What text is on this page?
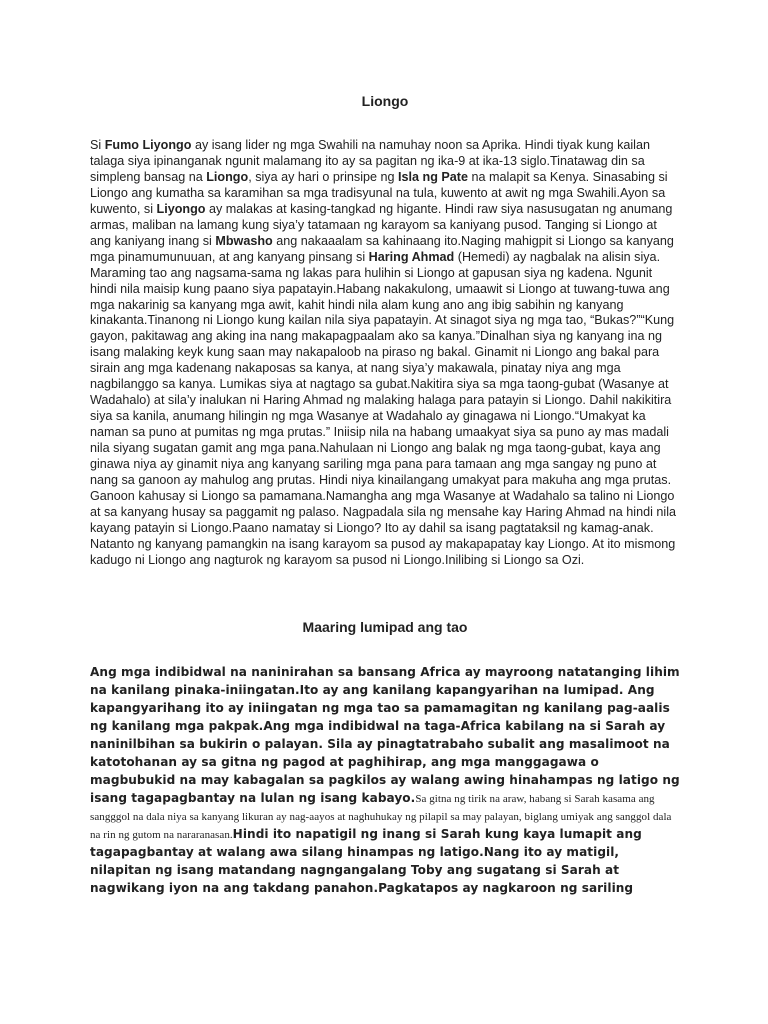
Liongo

Si Fumo Liyongo ay isang lider ng mga Swahili na namuhay noon sa Aprika. Hindi tiyak kung kailan talaga siya ipinanganak ngunit malamang ito ay sa pagitan ng ika-9 at ika-13 siglo.Tinatawag din sa simpleng bansag na Liongo, siya ay hari o prinsipe ng Isla ng Pate na malapit sa Kenya. Sinasabing si Liongo ang kumatha sa karamihan sa mga tradisyunal na tula, kuwento at awit ng mga Swahili.Ayon sa kuwento, si Liyongo ay malakas at kasing-tangkad ng higante. Hindi raw siya nasusugatan ng anumang armas, maliban na lamang kung siya’y tatamaan ng karayom sa kaniyang pusod. Tanging si Liongo at ang kaniyang inang si Mbwasho ang nakaaalam sa kahinaang ito.Naging mahigpit si Liongo sa kanyang mga pinamumunuuan, at ang kanyang pinsang si Haring Ahmad (Hemedi) ay nagbalak na alisin siya. Maraming tao ang nagsama-sama ng lakas para hulihin si Liongo at gapusan siya ng kadena. Ngunit hindi nila maisip kung paano siya papatayin.Habang nakakulong, umaawit si Liongo at tuwang-tuwa ang mga nakarinig sa kanyang mga awit, kahit hindi nila alam kung ano ang ibig sabihin ng kanyang kinakanta.Tinanong ni Liongo kung kailan nila siya papatayin. At sinagot siya ng mga tao, “Bukas?”“Kung gayon, pakitawag ang aking ina nang makapagpaalam ako sa kanya.”Dinalhan siya ng kanyang ina ng isang malaking keyk kung saan may nakapaloob na piraso ng bakal. Ginamit ni Liongo ang bakal para sirain ang mga kadenang nakaposas sa kanya, at nang siya’y makawala, pinatay niya ang mga nagbilanggo sa kanya. Lumikas siya at nagtago sa gubat.Nakitira siya sa mga taong-gubat (Wasanye at Wadahalo) at sila’y inalukan ni Haring Ahmad ng malaking halaga para patayin si Liongo. Dahil nakikitira siya sa kanila, anumang hilingin ng mga Wasanye at Wadahalo ay ginagawa ni Liongo.“Umakyat ka naman sa puno at pumitas ng mga prutas.” Iniisip nila na habang umaakyat siya sa puno ay mas madali nila siyang sugatan gamit ang mga pana.Nahulaan ni Liongo ang balak ng mga taong-gubat, kaya ang ginawa niya ay ginamit niya ang kanyang sariling mga pana para tamaan ang mga sangay ng puno at nang sa ganoon ay mahulog ang prutas. Hindi niya kinailangang umakyat para makuha ang mga prutas. Ganoon kahusay si Liongo sa pamamana.Namangha ang mga Wasanye at Wadahalo sa talino ni Liongo at sa kanyang husay sa paggamit ng palaso. Nagpadala sila ng mensahe kay Haring Ahmad na hindi nila kayang patayin si Liongo.Paano namatay si Liongo? Ito ay dahil sa isang pagtataksil ng kamag-anak. Natanto ng kanyang pamangkin na isang karayom sa pusod ay makapapatay kay Liongo. At ito mismong kadugo ni Liongo ang nagturok ng karayom sa pusod ni Liongo.Inilibing si Liongo sa Ozi.

Maaring lumipad ang tao

Ang mga indibidwal na naninirahan sa bansang Africa ay mayroong natatanging lihim na kanilang pinaka-iniingatan.Ito ay ang kanilang kapangyarihan na lumipad. Ang kapangyarihang ito ay iniingatan ng mga tao sa pamamagitan ng kanilang pag-aalis ng kanilang mga pakpak.Ang mga indibidwal na taga-Africa kabilang na si Sarah ay naninilbihan sa bukirin o palayan. Sila ay pinagtatrabaho subalit ang masalimoot na katotohanan ay sa gitna ng pagod at paghihirap, ang mga manggagawa o magbubukid na may kabagalan sa pagkilos ay walang awing hinahampas ng latigo ng isang tagapagbantay na lulan ng isang kabayo.Sa gitna ng tirik na araw, habang si Sarah kasama ang sangggol na dala niya sa kanyang likuran ay nag-aayos at naghuhukay ng pilapil sa may palayan, biglang umiyak ang sanggol dala na rin ng gutom na nararanasan.Hindi ito napatigil ng inang si Sarah kung kaya lumapit ang tagapagbantay at walang awa silang hinampas ng latigo.Nang ito ay matigil, nilapitan ng isang matandang nagngangalang Toby ang sugatang si Sarah at nagwikang iyon na ang takdang panahon.Pagkatapos ay nagkaroon ng sariling
